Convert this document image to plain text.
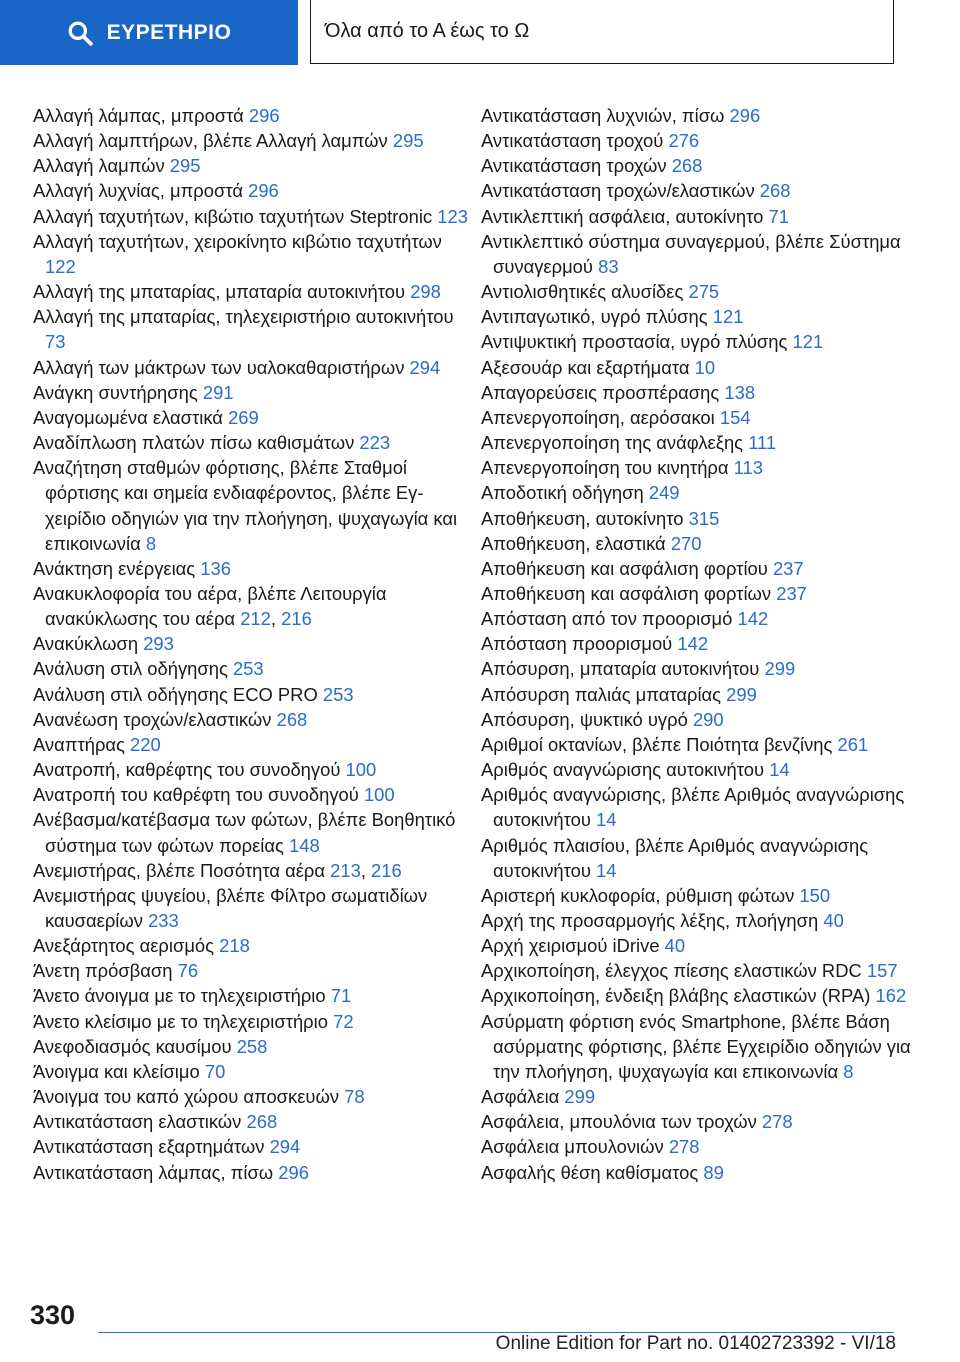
ΕΥΡΕΤΗΡΙΟ	Όλα από το Α έως το Ω
Αλλαγή λάμπας, μπροστά 296
Αλλαγή λαμπτήρων, βλέπε Αλλαγή λαμπών 295
Αλλαγή λαμπών 295
Αλλαγή λυχνίας, μπροστά 296
Αλλαγή ταχυτήτων, κιβώτιο ταχυτήτων Steptronic 123
Αλλαγή ταχυτήτων, χειροκίνητο κιβώτιο ταχυτήτων 122
Αλλαγή της μπαταρίας, μπαταρία αυτοκινήτου 298
Αλλαγή της μπαταρίας, τηλεχειριστήριο αυτοκινήτου 73
Αλλαγή των μάκτρων των υαλοκαθαριστήρων 294
Ανάγκη συντήρησης 291
Αναγομωμένα ελαστικά 269
Αναδίπλωση πλατών πίσω καθισμάτων 223
Αναζήτηση σταθμών φόρτισης, βλέπε Σταθμοί φόρτισης και σημεία ενδιαφέροντος, βλέπε Εγχειρίδιο οδηγιών για την πλοήγηση, ψυχαγωγία και επικοινωνία 8
Ανάκτηση ενέργειας 136
Ανακυκλοφορία του αέρα, βλέπε Λειτουργία ανακύκλωσης του αέρα 212, 216
Ανακύκλωση 293
Ανάλυση στιλ οδήγησης 253
Ανάλυση στιλ οδήγησης ECO PRO 253
Ανανέωση τροχών/ελαστικών 268
Αναπτήρας 220
Ανατροπή, καθρέφτης του συνοδηγού 100
Ανατροπή του καθρέφτη του συνοδηγού 100
Ανέβασμα/κατέβασμα των φώτων, βλέπε Βοηθητικό σύστημα των φώτων πορείας 148
Ανεμιστήρας, βλέπε Ποσότητα αέρα 213, 216
Ανεμιστήρας ψυγείου, βλέπε Φίλτρο σωματιδίων καυσαερίων 233
Ανεξάρτητος αερισμός 218
Άνετη πρόσβαση 76
Άνετο άνοιγμα με το τηλεχειριστήριο 71
Άνετο κλείσιμο με το τηλεχειριστήριο 72
Ανεφοδιασμός καυσίμου 258
Άνοιγμα και κλείσιμο 70
Άνοιγμα του καπό χώρου αποσκευών 78
Αντικατάσταση ελαστικών 268
Αντικατάσταση εξαρτημάτων 294
Αντικατάσταση λάμπας, πίσω 296
Αντικατάσταση λυχνιών, πίσω 296
Αντικατάσταση τροχού 276
Αντικατάσταση τροχών 268
Αντικατάσταση τροχών/ελαστικών 268
Αντικλεπτική ασφάλεια, αυτοκίνητο 71
Αντικλεπτικό σύστημα συναγερμού, βλέπε Σύστημα συναγερμού 83
Αντιολισθητικές αλυσίδες 275
Αντιπαγωτικό, υγρό πλύσης 121
Αντιψυκτική προστασία, υγρό πλύσης 121
Αξεσουάρ και εξαρτήματα 10
Απαγορεύσεις προσπέρασης 138
Απενεργοποίηση, αερόσακοι 154
Απενεργοποίηση της ανάφλεξης 111
Απενεργοποίηση του κινητήρα 113
Αποδοτική οδήγηση 249
Αποθήκευση, αυτοκίνητο 315
Αποθήκευση, ελαστικά 270
Αποθήκευση και ασφάλιση φορτίου 237
Αποθήκευση και ασφάλιση φορτίων 237
Απόσταση από τον προορισμό 142
Απόσταση προορισμού 142
Απόσυρση, μπαταρία αυτοκινήτου 299
Απόσυρση παλιάς μπαταρίας 299
Απόσυρση, ψυκτικό υγρό 290
Αριθμοί οκτανίων, βλέπε Ποιότητα βενζίνης 261
Αριθμός αναγνώρισης αυτοκινήτου 14
Αριθμός αναγνώρισης, βλέπε Αριθμός αναγνώρισης αυτοκινήτου 14
Αριθμός πλαισίου, βλέπε Αριθμός αναγνώρισης αυτοκινήτου 14
Αριστερή κυκλοφορία, ρύθμιση φώτων 150
Αρχή της προσαρμογής λέξης, πλοήγηση 40
Αρχή χειρισμού iDrive 40
Αρχικοποίηση, έλεγχος πίεσης ελαστικών RDC 157
Αρχικοποίηση, ένδειξη βλάβης ελαστικών (RPA) 162
Ασύρματη φόρτιση ενός Smartphone, βλέπε Βάση ασύρματης φόρτισης, βλέπε Εγχειρίδιο οδηγιών για την πλοήγηση, ψυχαγωγία και επικοινωνία 8
Ασφάλεια 299
Ασφάλεια, μπουλόνια των τροχών 278
Ασφάλεια μπουλονιών 278
Ασφαλής θέση καθίσματος 89
330
Online Edition for Part no. 01402723392 - VI/18
